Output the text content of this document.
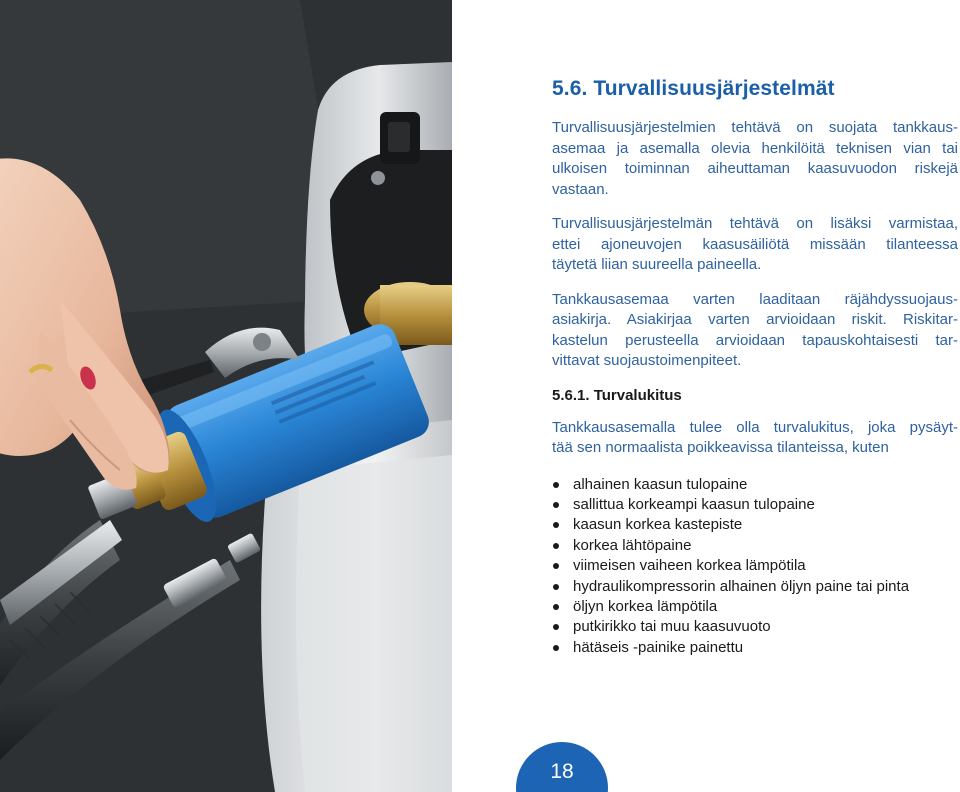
5.6. Turvallisuusjärjestelmät

Turvallisuusjärjestelmien tehtävä on suojata tankkaus-
asemaa ja asemalla olevia henkilöitä teknisen vian tai
ulkoisen toiminnan aiheuttaman kaasuvuodon riskejä
vastaan.

Turvallisuusjärjestelmän tehtävä on lisäksi varmistaa,
ettei ajoneuvojen kaasusäiliötä missään tilanteessa
täytetä liian suureella paineella.

Tankkausasemaa varten laaditaan räjähdyssuojaus-
asiakirja. Asiakirjaa varten arvioidaan riskit. Riskitar-
kastelun perusteella arvioidaan tapauskohtaisesti tar-
vittavat suojaustoimenpiteet.

5.6.1. Turvalukitus

Tankkausasemalla tulee olla turvalukitus, joka pysäyt-
tää sen normaalista poikkeavissa tilanteissa, kuten

alhainen kaasun tulopaine
sallittua korkeampi kaasun tulopaine
kaasun korkea kastepiste
korkea lähtöpaine
viimeisen vaiheen korkea lämpötila
hydraulikompressorin alhainen öljyn paine tai pinta
öljyn korkea lämpötila
putkirikko tai muu kaasuvuoto
hätäseis -painike painettu
18
